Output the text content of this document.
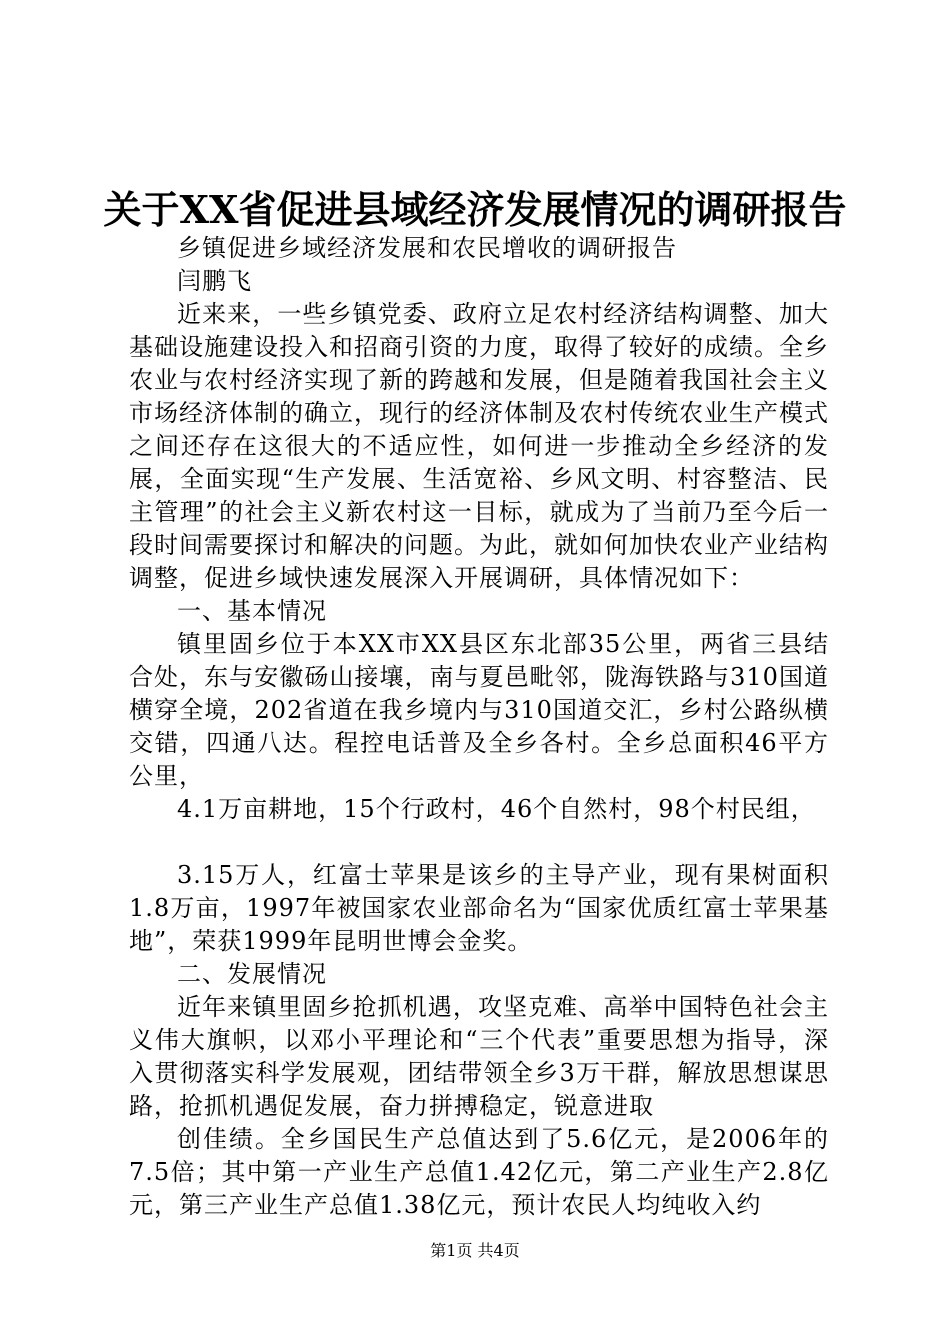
关于XX省促进县域经济发展情况的调研报告

乡镇促进乡域经济发展和农民增收的调研报告

闫鹏飞

近来来，一些乡镇党委、政府立足农村经济结构调整、加大基础设施建设投入和招商引资的力度，取得了较好的成绩。全乡农业与农村经济实现了新的跨越和发展，但是随着我国社会主义市场经济体制的确立，现行的经济体制及农村传统农业生产模式之间还存在这很大的不适应性，如何进一步推动全乡经济的发展，全面实现“生产发展、生活宽裕、乡风文明、村容整洁、民主管理”的社会主义新农村这一目标，就成为了当前乃至今后一段时间需要探讨和解决的问题。为此，就如何加快农业产业结构调整，促进乡域快速发展深入开展调研，具体情况如下：

一、基本情况

镇里固乡位于本XX市XX县区东北部35公里，两省三县结合处，东与安徽砀山接壤，南与夏邑毗邻，陇海铁路与310国道横穿全境，202省道在我乡境内与310国道交汇，乡村公路纵横交错，四通八达。程控电话普及全乡各村。全乡总面积46平方公里，

4.1万亩耕地，15个行政村，46个自然村，98个村民组，

3.15万人，红富士苹果是该乡的主导产业，现有果树面积1.8万亩，1997年被国家农业部命名为“国家优质红富士苹果基地”，荣获1999年昆明世博会金奖。

二、发展情况

近年来镇里固乡抢抓机遇，攻坚克难、高举中国特色社会主义伟大旗帜，以邓小平理论和“三个代表”重要思想为指导，深入贯彻落实科学发展观，团结带领全乡3万干群，解放思想谋思路，抢抓机遇促发展，奋力拼搏稳定，锐意进取

创佳绩。全乡国民生产总值达到了5.6亿元，是2006年的7.5倍；其中第一产业生产总值1.42亿元，第二产业生产2.8亿元，第三产业生产总值1.38亿元，预计农民人均纯收入约

第1页 共4页
